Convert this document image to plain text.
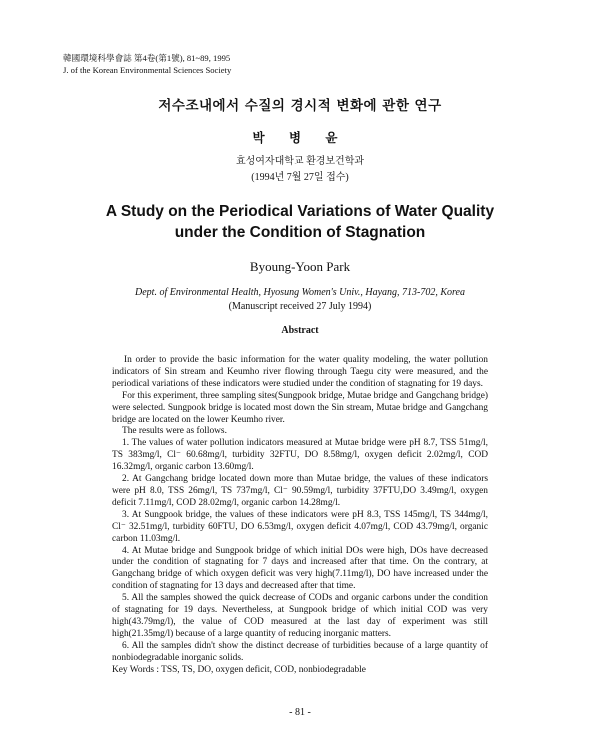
韓國環境科學會誌 第4卷(第1號), 81~89, 1995
J. of the Korean Environmental Sciences Society
저수조내에서 수질의 경시적 변화에 관한 연구
박 병 윤
효성여자대학교 환경보건학과
(1994년 7월 27일 접수)
A Study on the Periodical Variations of Water Quality
under the Condition of Stagnation
Byoung-Yoon Park
Dept. of Environmental Health, Hyosung Women's Univ., Hayang, 713-702, Korea
(Manuscript received 27 July 1994)
Abstract

In order to provide the basic information for the water quality modeling, the water pollution indicators of Sin stream and Keumho river flowing through Taegu city were measured, and the periodical variations of these indicators were studied under the condition of stagnating for 19 days.

For this experiment, three sampling sites(Sungpook bridge, Mutae bridge and Gangchang bridge) were selected. Sungpook bridge is located most down the Sin stream, Mutae bridge and Gangchang bridge are located on the lower Keumho river.

The results were as follows.

1. The values of water pollution indicators measured at Mutae bridge were pH 8.7, TSS 51mg/l, TS 383mg/l, Cl⁻ 60.68mg/l, turbidity 32FTU, DO 8.58mg/l, oxygen deficit 2.02mg/l, COD 16.32mg/l, organic carbon 13.60mg/l.

2. At Gangchang bridge located down more than Mutae bridge, the values of these indicators were pH 8.0, TSS 26mg/l, TS 737mg/l, Cl⁻ 90.59mg/l, turbidity 37FTU,DO 3.49mg/l, oxygen deficit 7.11mg/l, COD 28.02mg/l, organic carbon 14.28mg/l.

3. At Sungpook bridge, the values of these indicators were pH 8.3, TSS 145mg/l, TS 344mg/l, Cl⁻ 32.51mg/l, turbidity 60FTU, DO 6.53mg/l, oxygen deficit 4.07mg/l, COD 43.79mg/l, organic carbon 11.03mg/l.

4. At Mutae bridge and Sungpook bridge of which initial DOs were high, DOs have decreased under the condition of stagnating for 7 days and increased after that time. On the contrary, at Gangchang bridge of which oxygen deficit was very high(7.11mg/l), DO have increased under the condition of stagnating for 13 days and decreased after that time.

5. All the samples showed the quick decrease of CODs and organic carbons under the condition of stagnating for 19 days. Nevertheless, at Sungpook bridge of which initial COD was very high(43.79mg/l), the value of COD measured at the last day of experiment was still high(21.35mg/l) because of a large quantity of reducing inorganic matters.

6. All the samples didn't show the distinct decrease of turbidities because of a large quantity of nonbiodegradable inorganic solids.

Key Words : TSS, TS, DO, oxygen deficit, COD, nonbiodegradable

- 81 -
